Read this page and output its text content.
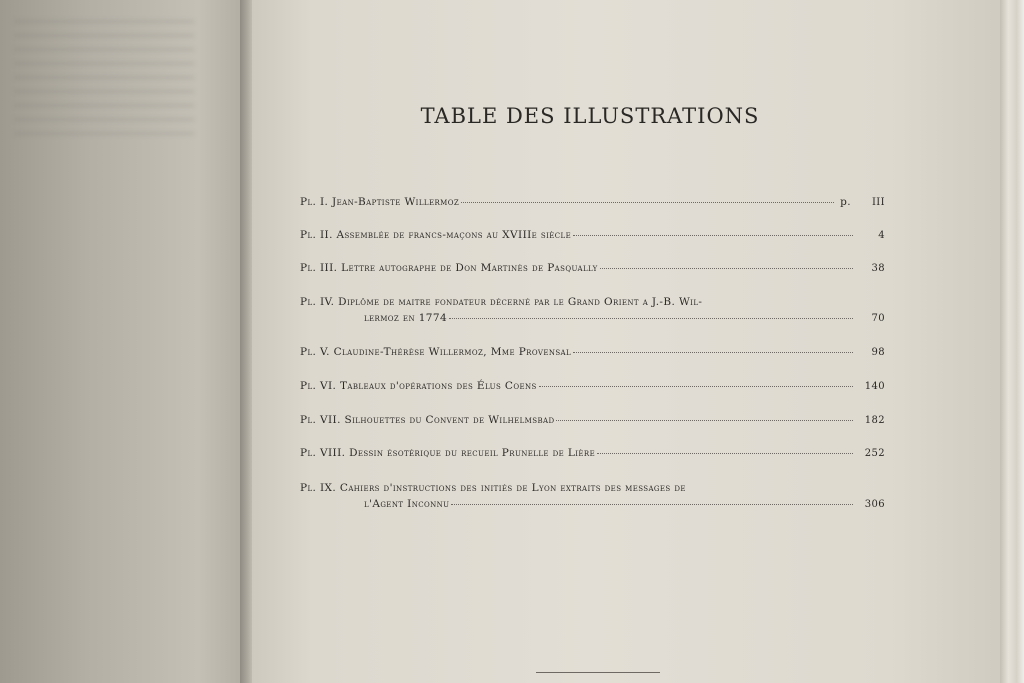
TABLE DES ILLUSTRATIONS
Pl. I. Jean-Baptiste Willermoz	p.	III
Pl. II. Assemblée de francs-maçons au XVIIIe siècle	4
Pl. III. Lettre autographe de Don Martinès de Pasqually	38
Pl. IV. Diplôme de maitre fondateur décerné par le Grand Orient a J.-B. Wil-
lermoz en 1774	70
Pl. V. Claudine-Thérèse Willermoz, Mme Provensal	98
Pl. VI. Tableaux d'opérations des Élus Coens	140
Pl. VII. Silhouettes du Convent de Wilhelmsbad	182
Pl. VIII. Dessin ésotérique du recueil Prunelle de Lière	252
Pl. IX. Cahiers d'instructions des initiés de Lyon extraits des messages de
l'Agent Inconnu	306
